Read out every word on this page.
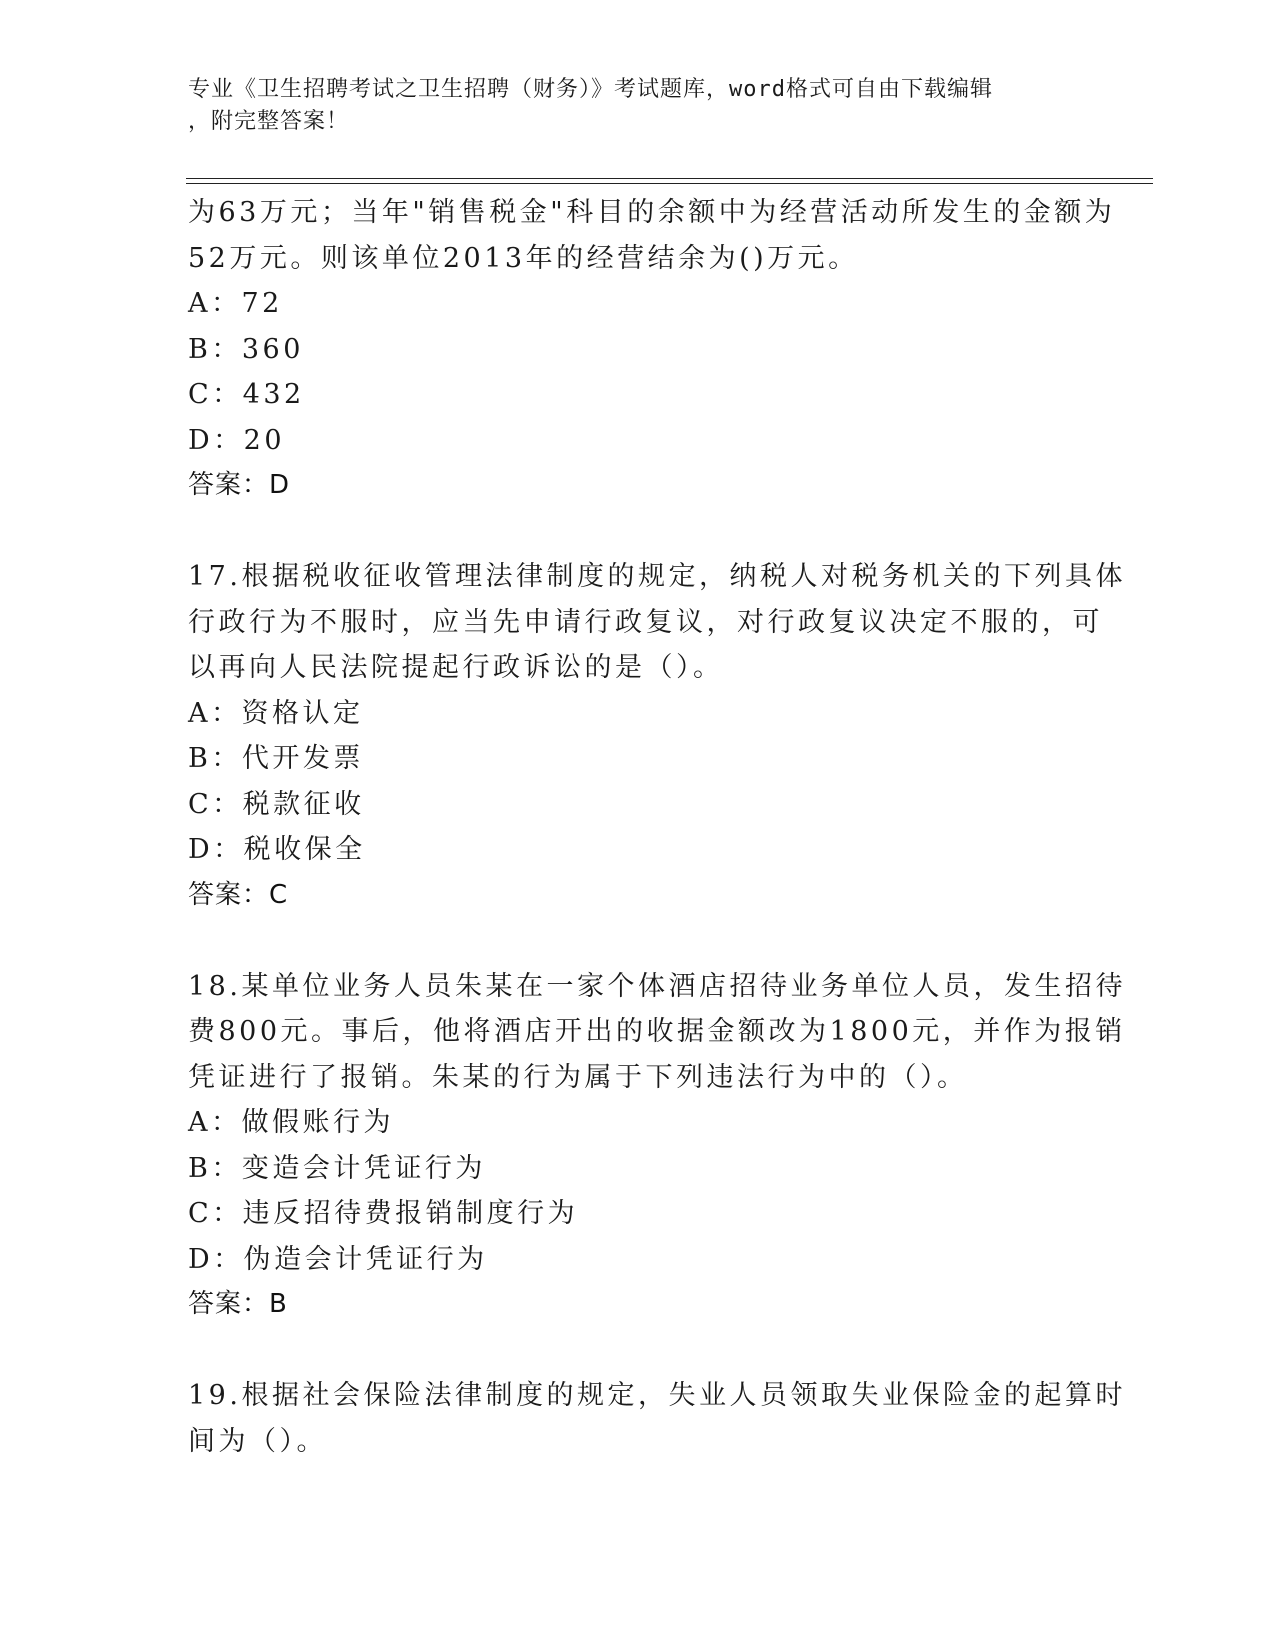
专业《卫生招聘考试之卫生招聘（财务）》考试题库，word格式可自由下载编辑
，附完整答案！
为63万元；当年"销售税金"科目的余额中为经营活动所发生的金额为
52万元。则该单位2013年的经营结余为()万元。
A：72
B：360
C：432
D：20
答案：D
17.根据税收征收管理法律制度的规定，纳税人对税务机关的下列具体
行政行为不服时，应当先申请行政复议，对行政复议决定不服的，可
以再向人民法院提起行政诉讼的是（）。
A：资格认定
B：代开发票
C：税款征收
D：税收保全
答案：C
18.某单位业务人员朱某在一家个体酒店招待业务单位人员，发生招待
费800元。事后，他将酒店开出的收据金额改为1800元，并作为报销
凭证进行了报销。朱某的行为属于下列违法行为中的（）。
A：做假账行为
B：变造会计凭证行为
C：违反招待费报销制度行为
D：伪造会计凭证行为
答案：B
19.根据社会保险法律制度的规定，失业人员领取失业保险金的起算时
间为（）。
